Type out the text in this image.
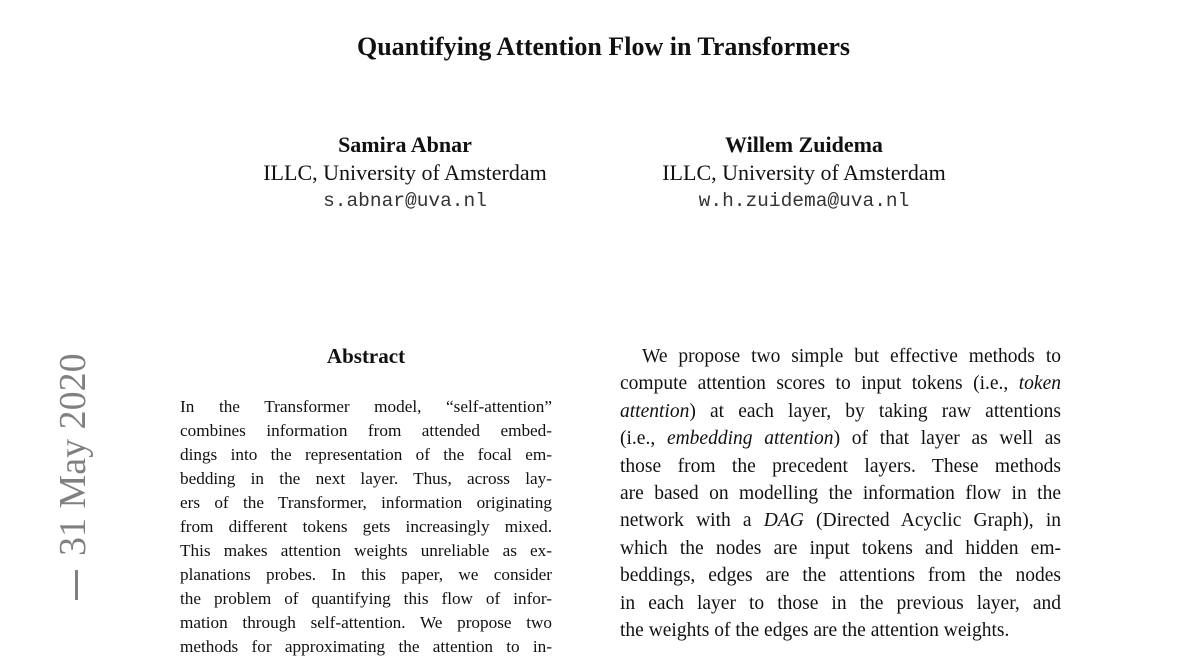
Quantifying Attention Flow in Transformers
Samira Abnar
ILLC, University of Amsterdam
s.abnar@uva.nl
Willem Zuidema
ILLC, University of Amsterdam
w.h.zuidema@uva.nl
31 May 2020	Abstract

In the Transformer model, “self-attention”
combines information from attended embed-
dings into the representation of the focal em-
bedding in the next layer. Thus, across lay-
ers of the Transformer, information originating
from different tokens gets increasingly mixed.
This makes attention weights unreliable as ex-
planations probes. In this paper, we consider
the problem of quantifying this flow of infor-
mation through self-attention. We propose two
methods for approximating the attention to in-

We propose two simple but effective methods to
compute attention scores to input tokens (i.e., token
attention) at each layer, by taking raw attentions
(i.e., embedding attention) of that layer as well as
those from the precedent layers. These methods
are based on modelling the information flow in the
network with a DAG (Directed Acyclic Graph), in
which the nodes are input tokens and hidden em-
beddings, edges are the attentions from the nodes
in each layer to those in the previous layer, and
the weights of the edges are the attention weights.
